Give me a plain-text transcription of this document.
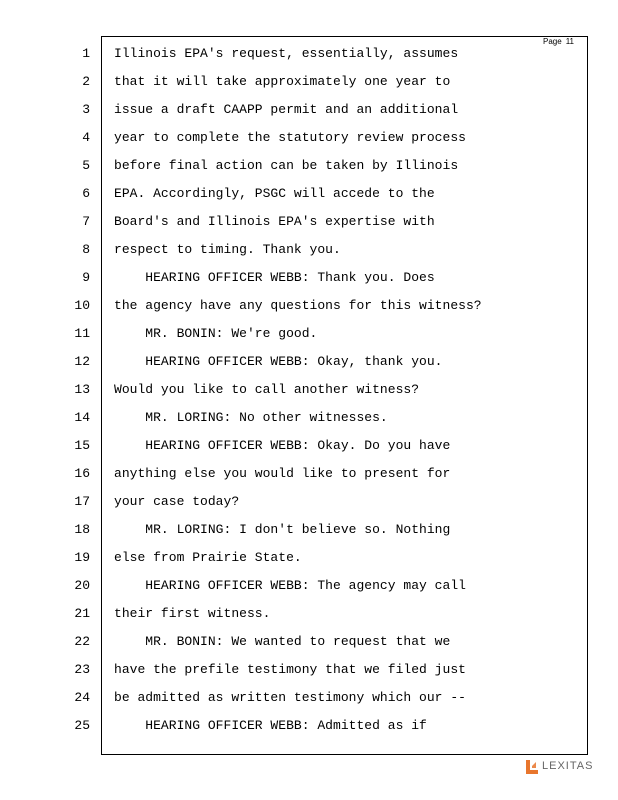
Page 11
1 Illinois EPA's request, essentially, assumes
2 that it will take approximately one year to
3 issue a draft CAAPP permit and an additional
4 year to complete the statutory review process
5 before final action can be taken by Illinois
6 EPA. Accordingly, PSGC will accede to the
7 Board's and Illinois EPA's expertise with
8 respect to timing. Thank you.
9 HEARING OFFICER WEBB: Thank you. Does
10 the agency have any questions for this witness?
11 MR. BONIN: We're good.
12 HEARING OFFICER WEBB: Okay, thank you.
13 Would you like to call another witness?
14 MR. LORING: No other witnesses.
15 HEARING OFFICER WEBB: Okay. Do you have
16 anything else you would like to present for
17 your case today?
18 MR. LORING: I don't believe so. Nothing
19 else from Prairie State.
20 HEARING OFFICER WEBB: The agency may call
21 their first witness.
22 MR. BONIN: We wanted to request that we
23 have the prefile testimony that we filed just
24 be admitted as written testimony which our --
25 HEARING OFFICER WEBB: Admitted as if
LEXITAS
